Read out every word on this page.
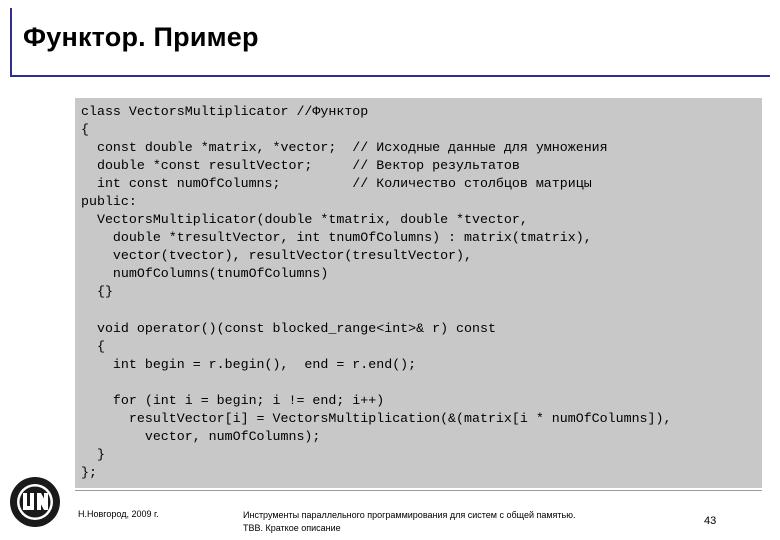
Функтор. Пример
class VectorsMultiplicator //Функтор
{
const double *matrix, *vector;  // Исходные данные для умножения
double *const resultVector;     // Вектор результатов
int const numOfColumns;         // Количество столбцов матрицы
public:
VectorsMultiplicator(double *tmatrix, double *tvector,
double *tresultVector, int tnumOfColumns) : matrix(tmatrix),
vector(tvector), resultVector(tresultVector),
numOfColumns(tnumOfColumns)
{}
void operator()(const blocked_range<int>& r) const
{
int begin = r.begin(),  end = r.end();
for (int i = begin; i != end; i++)
resultVector[i] = VectorsMultiplication(&(matrix[i * numOfColumns]),
vector, numOfColumns);
}
};
Н.Новгород, 2009 г.	Инструменты параллельного программирования для систем с общей памятью.
TBB. Краткое описание
43
